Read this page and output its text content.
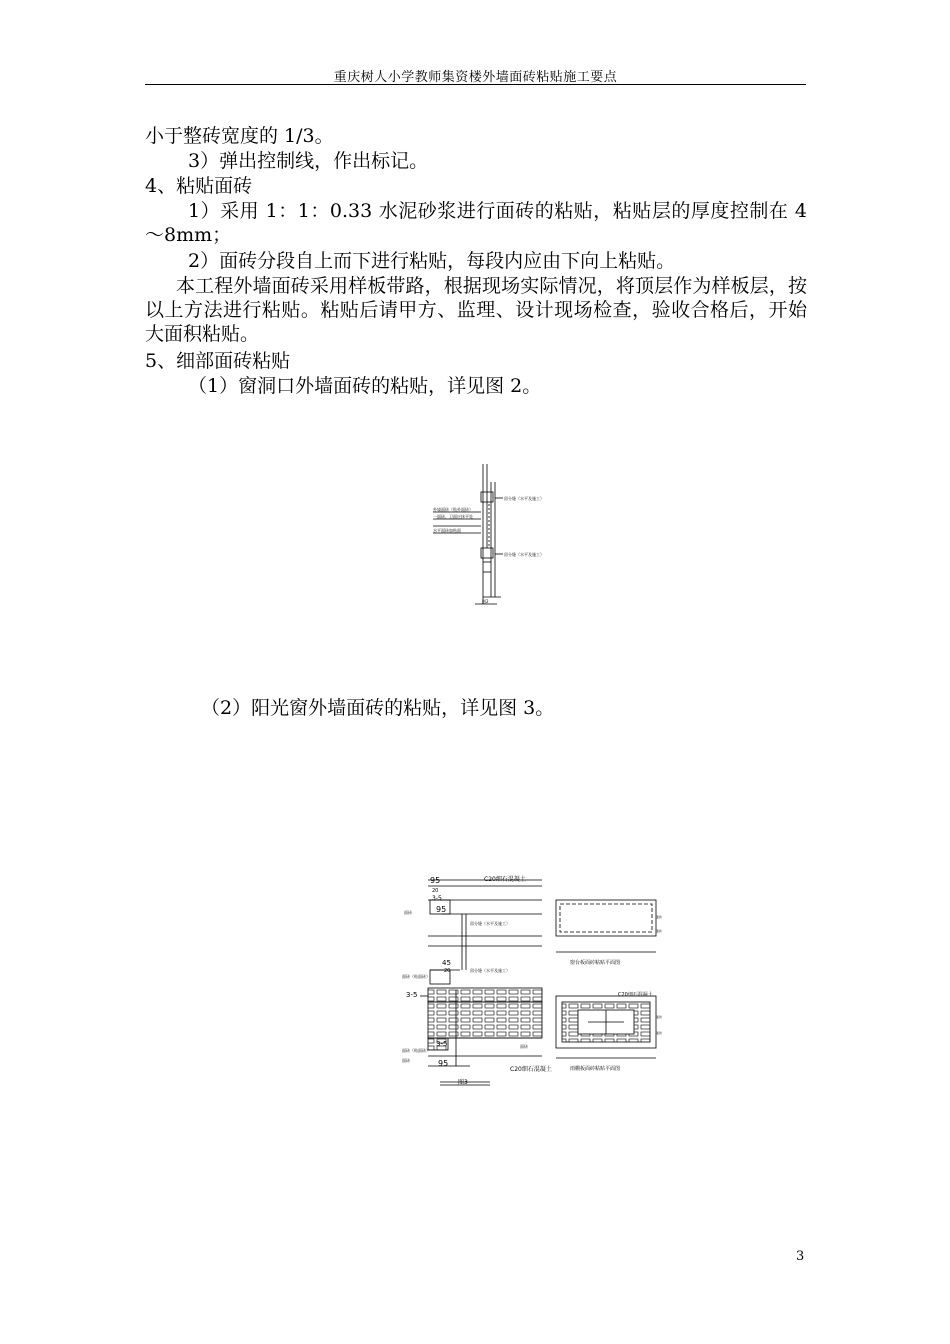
重庆树人小学教师集资楼外墙面砖粘贴施工要点
小于整砖宽度的 1/3。
3）弹出控制线，作出标记。
4、粘贴面砖
1）采用 1：1：0.33 水泥砂浆进行面砖的粘贴，粘贴层的厚度控制在 4～8mm；
2）面砖分段自上而下进行粘贴，每段内应由下向上粘贴。
本工程外墙面砖采用样板带路，根据现场实际情况，将顶层作为样板层，按以上方法进行粘贴。粘贴后请甲方、监理、设计现场检查，验收合格后，开始大面积粘贴。
5、细部面砖粘贴
（1）窗洞口外墙面砖的粘贴，详见图 2。
（2）阳光窗外墙面砖的粘贴，详见图 3。
留分缝（水平及施工）
外墙面砖（贴外面砖）
一面砖，卫面应抹平处
水平面砖加贴面
留分缝（水平及施工）
图2
95
20
3-5
95
45
20
3-5
3-5
95
C20细石混凝土
面砖
留分缝（水平及施工）
留分缝（水平及施工）
面砖（贴面砖）
面砖
面砖（贴面砖）
面砖
C20细石混凝土
图3
窗台板面砖粘贴平面图
面砖
面砖
C20细石混凝土
雨棚板面砖粘贴平面图
面砖
面砖
3
